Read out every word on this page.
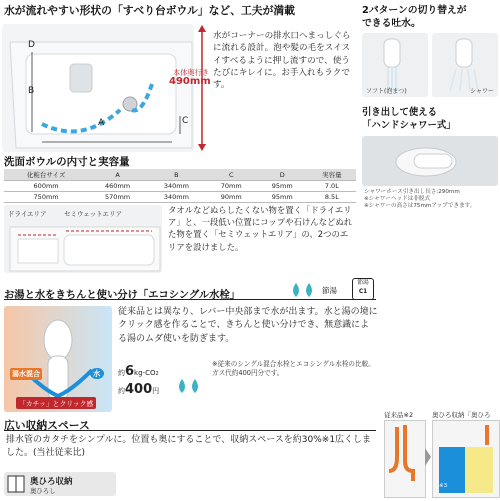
水が流れやすい形状の「すべり台ボウル」など、工夫が満載
D
B
A	C
本体奥行き
490mm
水がコーナーの排水口へまっしぐらに流れる設計。泡や髪の毛をスイスイすべるように押し流すので、使うたびにキレイに。お手入れもラクです。
2パターンの切り替えが
できる吐水。
ソフト(泡まつ)	シャワー
引き出して使える
「ハンドシャワー式」
シャワーホース引き出し長さ:290mm
※シャワーヘッドは非脱式
※シャワーの高さは75mmアップできます。
洗面ボウルの内寸と実容量
化粧台サイズ	A	B	C	D	実容量
600mm	460mm	340mm	70mm	95mm	7.0L
750mm	570mm	340mm	90mm	95mm	8.5L
ドライエリア	セミウェットエリア	タオルなどぬらしたくない物を置く「ドライエリア」と、一段低い位置にコップや石けんなどぬれた物を置く「セミウェットエリア」の、2つのエリアを設けました。
お湯と水をきちんと使い分け「エコシングル水栓」	節湯
節湯
C1
湯水混合	水
「カチッ」とクリック感
従来品とは異なり、レバー中央部まで水が出ます。水と湯の境にクリック感を作ることで、きちんと使い分けでき、無意識による湯のムダ使いを防ぎます。
約6kg-CO2
約400円
※従来のシングル混合水栓とエコシングル水栓の比較。
ガス代約400円分です。
広い収納スペース
排水管のカタチをシンプルに。位置も奥にすることで、収納スペースを約30%※1広くしました。(当社従来比)
奥ひろ収納
奥ひろし
従来品※2	奥ひろ収納「奥ひろ
※3
